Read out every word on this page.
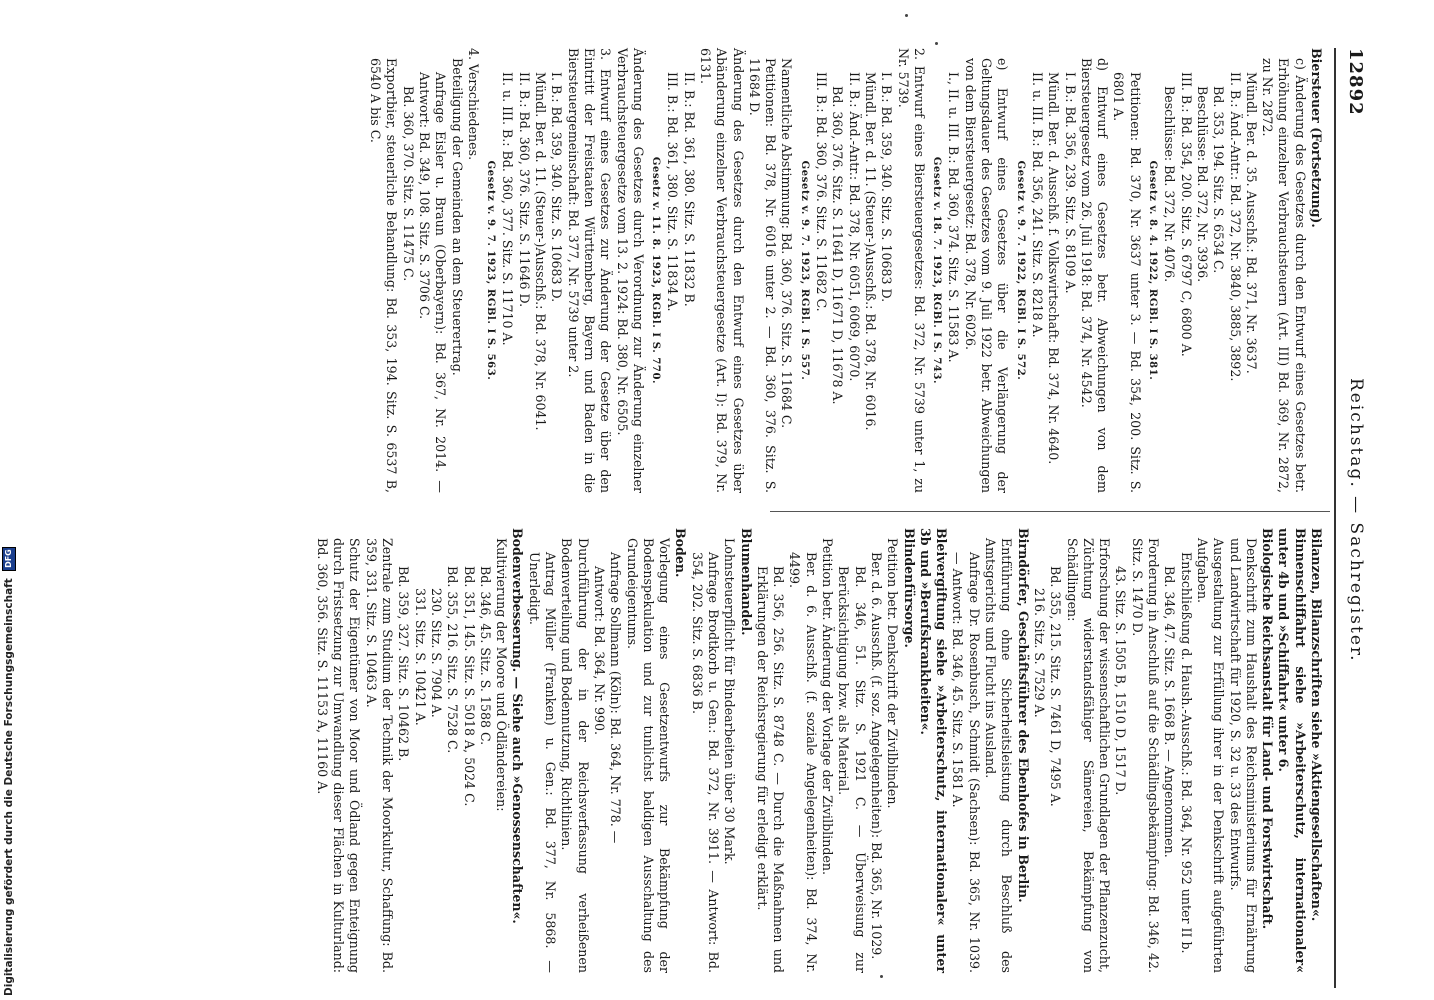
12892
Reichstag. — Sachregister.

Biersteuer (Fortsetzung).

c) Änderung des Gesetzes durch den Entwurf eines Gesetzes betr. Erhöhung einzelner Verbrauchsteuern (Art. III) Bd. 369, Nr. 2872, zu Nr. 2872.

Mündl. Ber. d. 35. Ausschß.: Bd. 371, Nr. 3637.

II. B.: Änd.-Antr.: Bd. 372, Nr. 3840, 3885, 3892.

Bd. 353, 194. Sitz. S. 6534 C.

Beschlüsse: Bd. 372, Nr. 3936.

III. B.: Bd. 354, 200. Sitz. S. 6797 C, 6800 A.

Beschlüsse: Bd. 372, Nr. 4076.

Gesetz v. 8. 4. 1922, RGBl. I S. 381.

Petitionen: Bd. 370, Nr. 3637 unter 3. — Bd. 354, 200. Sitz. S. 6801 A.

d) Entwurf eines Gesetzes betr. Abweichungen von dem Biersteuergesetz vom 26. Juli 1918: Bd. 374, Nr. 4542.

I. B.: Bd. 356, 239. Sitz. S. 8109 A.

Mündl. Ber. d. Ausschß. f. Volkswirtschaft: Bd. 374, Nr. 4640.

II. u. III. B.: Bd. 356, 241. Sitz. S. 8218 A.

Gesetz v. 9. 7. 1922, RGBl. I S. 572.

e) Entwurf eines Gesetzes über die Verlängerung der Geltungsdauer des Gesetzes vom 9. Juli 1922 betr. Abweichungen von dem Biersteuergesetz: Bd. 378, Nr. 6026.

I., II. u. III. B.: Bd. 360, 374. Sitz. S. 11583 A.

Gesetz v. 18. 7. 1923, RGBl. I S. 743.

2. Entwurf eines Biersteuergesetzes: Bd. 372, Nr. 5739 unter 1, zu Nr. 5739.

I. B.: Bd. 359, 340. Sitz. S. 10683 D.

Mündl. Ber. d. 11. (Steuer-)Ausschß.: Bd. 378, Nr. 6016.

II. B.: Änd.-Antr.: Bd. 378, Nr. 6051, 6069, 6070.

Bd. 360, 376. Sitz. S. 11641 D, 11671 D, 11678 A.

III. B.: Bd. 360, 376. Sitz. S. 11682 C.

Gesetz v. 9. 7. 1923, RGBl. I S. 557.

Namentliche Abstimmung: Bd. 360, 376. Sitz. S. 11684 C.

Petitionen: Bd. 378, Nr. 6016 unter 2. — Bd. 360, 376. Sitz. S. 11684 D.

Änderung des Gesetzes durch den Entwurf eines Gesetzes über Abänderung einzelner Verbrauchsteuergesetze (Art. I): Bd. 379, Nr. 6131.

II. B.: Bd. 361, 380. Sitz. S. 11832 B.

III. B.: Bd. 361, 380. Sitz. S. 11834 A.

Gesetz v. 11. 8. 1923, RGBl. I S. 770.

Änderung des Gesetzes durch Verordnung zur Änderung einzelner Verbrauchsteuergesetze vom 13. 2. 1924: Bd. 380, Nr. 6505.

3. Entwurf eines Gesetzes zur Änderung der Gesetze über den Eintritt der Freistaaten Württemberg, Bayern und Baden in die Biersteuergemeinschaft: Bd. 377, Nr. 5739 unter 2.

I. B.: Bd. 359, 340. Sitz. S. 10683 D.

Mündl. Ber. d. 11. (Steuer-)Ausschß.: Bd. 378, Nr. 6041.

II. B.: Bd. 360, 376. Sitz. S. 11646 D.

II. u. III. B.: Bd. 360, 377. Sitz. S. 11710 A.

Gesetz v. 9. 7. 1923, RGBl. I S. 563.

4. Verschiedenes.

Beteiligung der Gemeinden an dem Steuerertrag.

Anfrage Eisler u. Braun (Oberbayern): Bd. 367, Nr. 2014. — Antwort: Bd. 349, 108. Sitz. S. 3706 C.

Bd. 360, 370. Sitz. S. 11475 C.

Exportbier, steuerliche Behandlung: Bd. 353, 194. Sitz. S. 6537 B, 6540 A bis C.

Bilanzen, Bilanzschriften siehe »Aktiengesellschaften«.

Binnenschiffahrt siehe »Arbeiterschutz, internationaler« unter 4b und »Schiffahrt« unter 6.

Biologische Reichsanstalt für Land- und Forstwirtschaft.

Denkschrift zum Haushalt des Reichsministeriums für Ernährung und Landwirtschaft für 1920, S. 32 u. 33 des Entwurfs.

Ausgestaltung zur Erfüllung ihrer in der Denkschrift aufgeführten Aufgaben.

Entschließung d. Haush.-Ausschß.: Bd. 364, Nr. 952 unter II b.

Bd. 346, 47. Sitz. S. 1668 B. — Angenommen.

Forderung in Anschluß auf die Schädlingsbekämpfung: Bd. 346, 42. Sitz. S. 1470 D.

43. Sitz. S. 1505 B, 1510 D, 1517 D.

Erforschung der wissenschaftlichen Grundlagen der Pflanzenzucht, Züchtung widerstandsfähiger Sämereien, Bekämpfung von Schädlingen:

Bd. 355, 215. Sitz. S. 7461 D, 7495 A.

216. Sitz. S. 7529 A.

Birndörfer, Geschäftsführer des Ebenhofes in Berlin.

Entführung ohne Sicherheitsleistung durch Beschluß des Amtsgerichts und Flucht ins Ausland.

Anfrage Dr. Rosenbusch, Schmidt (Sachsen): Bd. 365, Nr. 1039. — Antwort: Bd. 346, 45. Sitz. S. 1581 A.

Bleivergiftung siehe »Arbeiterschutz, internationaler« unter 3b und »Berufskrankheiten«.

Blindenfürsorge.

Petition betr. Denkschrift der Zivilblinden.

Ber. d. 6. Ausschß. (f. soz. Angelegenheiten): Bd. 365, Nr. 1029.

Bd. 346, 51. Sitz. S. 1921 C. — Überweisung zur Berücksichtigung bzw. als Material.

Petition betr. Änderung der Vorlage der Zivilblinden.

Ber. d. 6. Ausschß. (f. soziale Angelegenheiten): Bd. 374, Nr. 4499.

Bd. 356, 256. Sitz. S. 8748 C. — Durch die Maßnahmen und Erklärungen der Reichsregierung für erledigt erklärt.

Blumenhandel.

Lohnsteuerpflicht für Bindearbeiten über 30 Mark.

Anfrage Brodtkorb u. Gen.: Bd. 372, Nr. 3911. — Antwort: Bd. 354, 202. Sitz. S. 6836 B.

Boden.

Vorlegung eines Gesetzentwurfs zur Bekämpfung der Bodenspekulation und zur tunlichst baldigen Ausschaltung des Grundeigentums.

Anfrage Sollmann (Köln): Bd. 364, Nr. 778. —

Antwort: Bd. 364, Nr. 990.

Durchführung der in der Reichsverfassung verheißenen Bodenverteilung und Bodennutzung, Richtlinien.

Antrag Müller (Franken) u. Gen.: Bd. 377, Nr. 5868. — Unerledigt.

Bodenverbesserung. — Siehe auch »Genossenschaften«.

Kultivierung der Moore und Ödländereien:

Bd. 346, 45. Sitz. S. 1588 C.

Bd. 351, 145. Sitz. S. 5018 A, 5024 C.

Bd. 355, 216. Sitz. S. 7528 C.

230. Sitz. S. 7904 A.

331. Sitz. S. 10421 A.

Bd. 359, 327. Sitz. S. 10462 B.

Zentrale zum Studium der Technik der Moorkultur, Schaffung: Bd. 359, 331. Sitz. S. 10463 A.

Schutz der Eigentümer von Moor und Ödland gegen Enteignung durch Fristsetzung zur Umwandlung dieser Flächen in Kulturland: Bd. 360, 356. Sitz. S. 11153 A, 11160 A.

Digitalisierung gefördert durch die Deutsche Forschungsgemeinschaft DFG
